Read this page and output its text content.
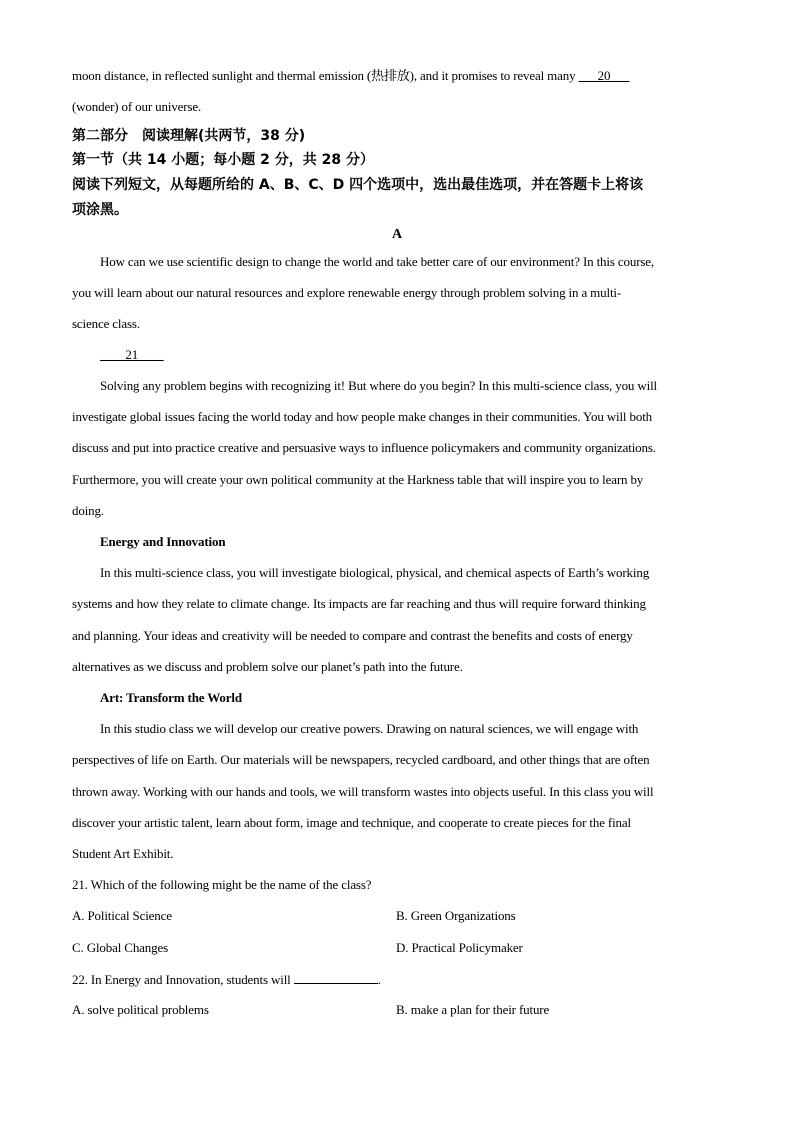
moon distance, in reflected sunlight and thermal emission (热排放), and it promises to reveal many ___20___
(wonder) of our universe.
第二部分　阅读理解(共两节，38 分)
第一节（共 14 小题；每小题 2 分，共 28 分）
阅读下列短文，从每题所给的 A、B、C、D 四个选项中，选出最佳选项，并在答题卡上将该
项涂黑。
A
How can we use scientific design to change the world and take better care of our environment? In this course,
you will learn about our natural resources and explore renewable energy through problem solving in a multi-
science class.
____21____
Solving any problem begins with recognizing it! But where do you begin? In this multi-science class, you will
investigate global issues facing the world today and how people make changes in their communities. You will both
discuss and put into practice creative and persuasive ways to influence policymakers and community organizations.
Furthermore, you will create your own political community at the Harkness table that will inspire you to learn by
doing.
Energy and Innovation
In this multi-science class, you will investigate biological, physical, and chemical aspects of Earth’s working
systems and how they relate to climate change. Its impacts are far reaching and thus will require forward thinking
and planning. Your ideas and creativity will be needed to compare and contrast the benefits and costs of energy
alternatives as we discuss and problem solve our planet’s path into the future.
Art: Transform the World
In this studio class we will develop our creative powers. Drawing on natural sciences, we will engage with
perspectives of life on Earth. Our materials will be newspapers, recycled cardboard, and other things that are often
thrown away. Working with our hands and tools, we will transform wastes into objects useful. In this class you will
discover your artistic talent, learn about form, image and technique, and cooperate to create pieces for the final
Student Art Exhibit.
21. Which of the following might be the name of the class?
A. Political Science	B. Green Organizations
C. Global Changes	D. Practical Policymaker
22. In Energy and Innovation, students will	.
A. solve political problems	B. make a plan for their future
